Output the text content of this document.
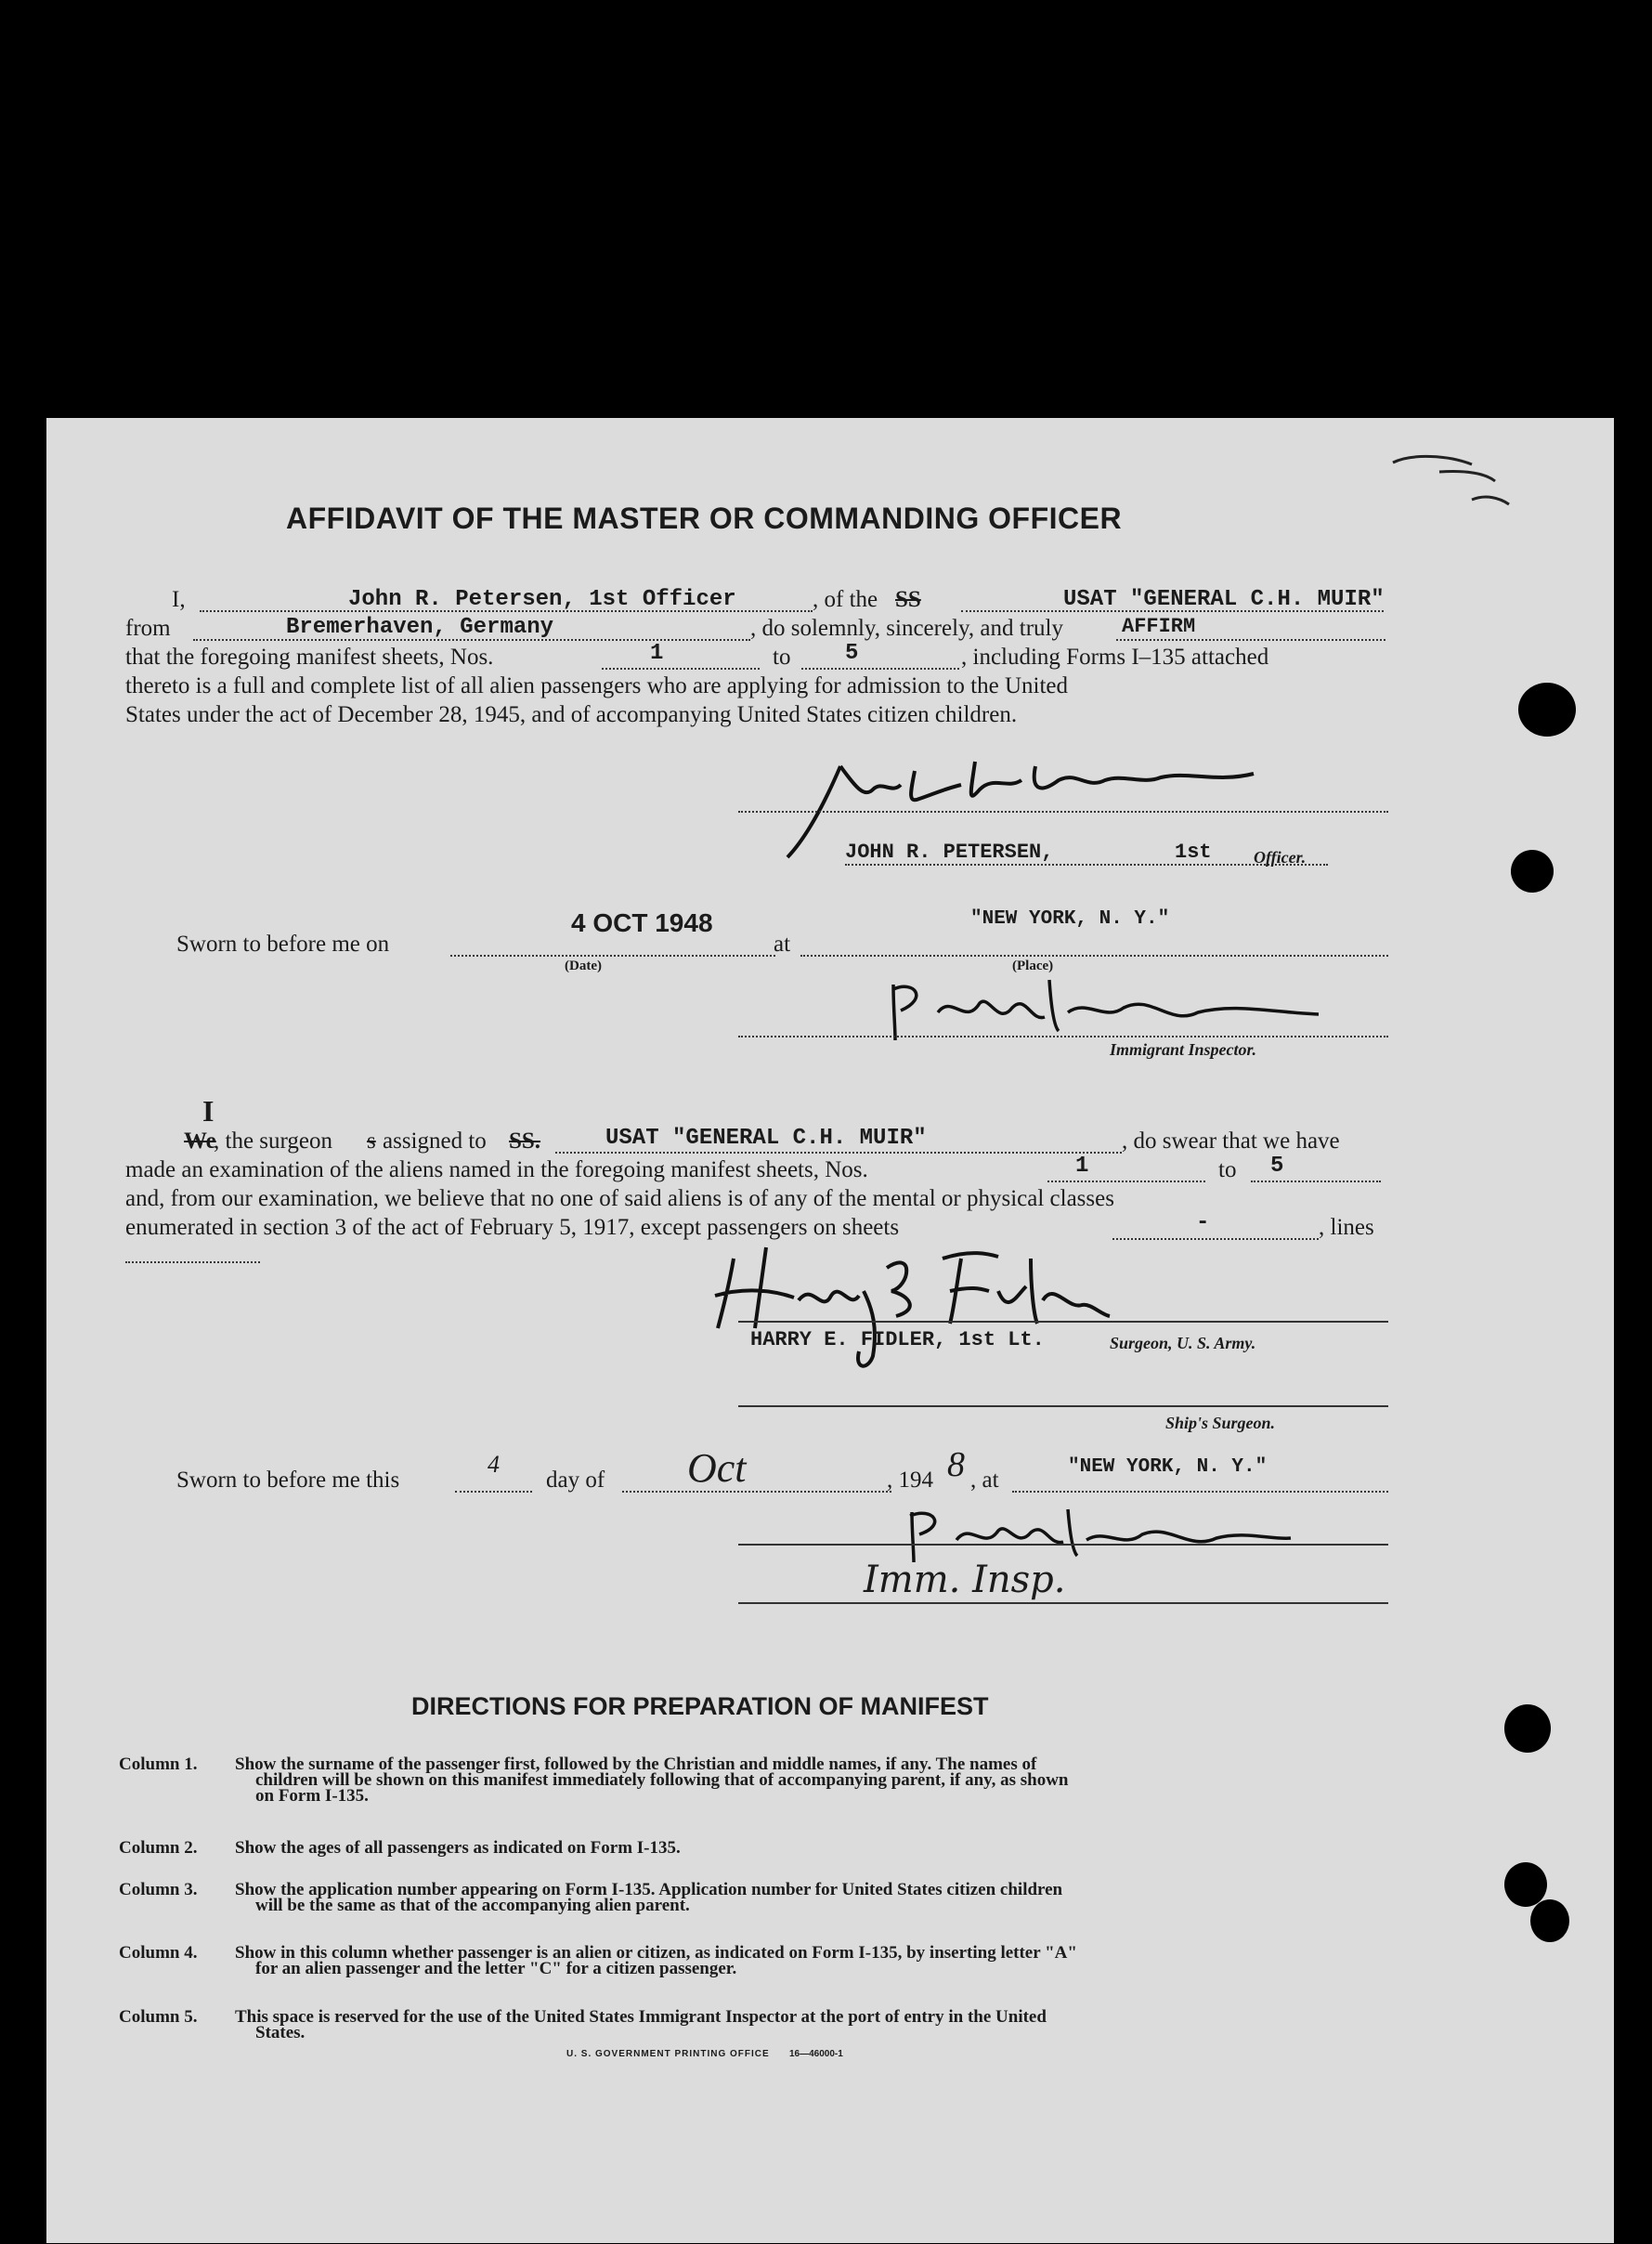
AFFIDAVIT OF THE MASTER OR COMMANDING OFFICER
I,	John R. Petersen, 1st Officer	, of the SS	USAT "GENERAL C.H. MUIR"
from	Bremerhaven, Germany	, do solemnly, sincerely, and truly	AFFIRM
that the foregoing manifest sheets, Nos.	1	to 5	, including Forms I–135 attached
thereto is a full and complete list of all alien passengers who are applying for admission to the United
States under the act of December 28, 1945, and of accompanying United States citizen children.
JOHN R. PETERSEN,	1st	Officer.
Sworn to before me on
4 OCT 1948
at
"NEW YORK, N. Y."
(Date)	(Place)
Immigrant Inspector.
I
We
, the surgeon s assigned to SS.	USAT "GENERAL C.H. MUIR"	, do swear that we have
made an examination of the aliens named in the foregoing manifest sheets, Nos.	1	to 5
and, from our examination, we believe that no one of said aliens is of any of the mental or physical classes
enumerated in section 3 of the act of February 5, 1917, except passengers on sheets	-	, lines
HARRY E. FIDLER, 1st Lt.	Surgeon, U. S. Army.
Ship's Surgeon.
Sworn to before me this
4
day of Oct	, 194 8 , at
"NEW YORK, N. Y."
Imm. Insp.
DIRECTIONS FOR PREPARATION OF MANIFEST
Column 1. Show the surname of the passenger first, followed by the Christian and middle names, if any. The names of
children will be shown on this manifest immediately following that of accompanying parent, if any, as shown
on Form I-135.
Column 2. Show the ages of all passengers as indicated on Form I-135.
Column 3. Show the application number appearing on Form I-135. Application number for United States citizen children
will be the same as that of the accompanying alien parent.
Column 4. Show in this column whether passenger is an alien or citizen, as indicated on Form I-135, by inserting letter "A"
for an alien passenger and the letter "C" for a citizen passenger.
Column 5. This space is reserved for the use of the United States Immigrant Inspector at the port of entry in the United
States.
U. S. GOVERNMENT PRINTING OFFICE 16—46000-1
